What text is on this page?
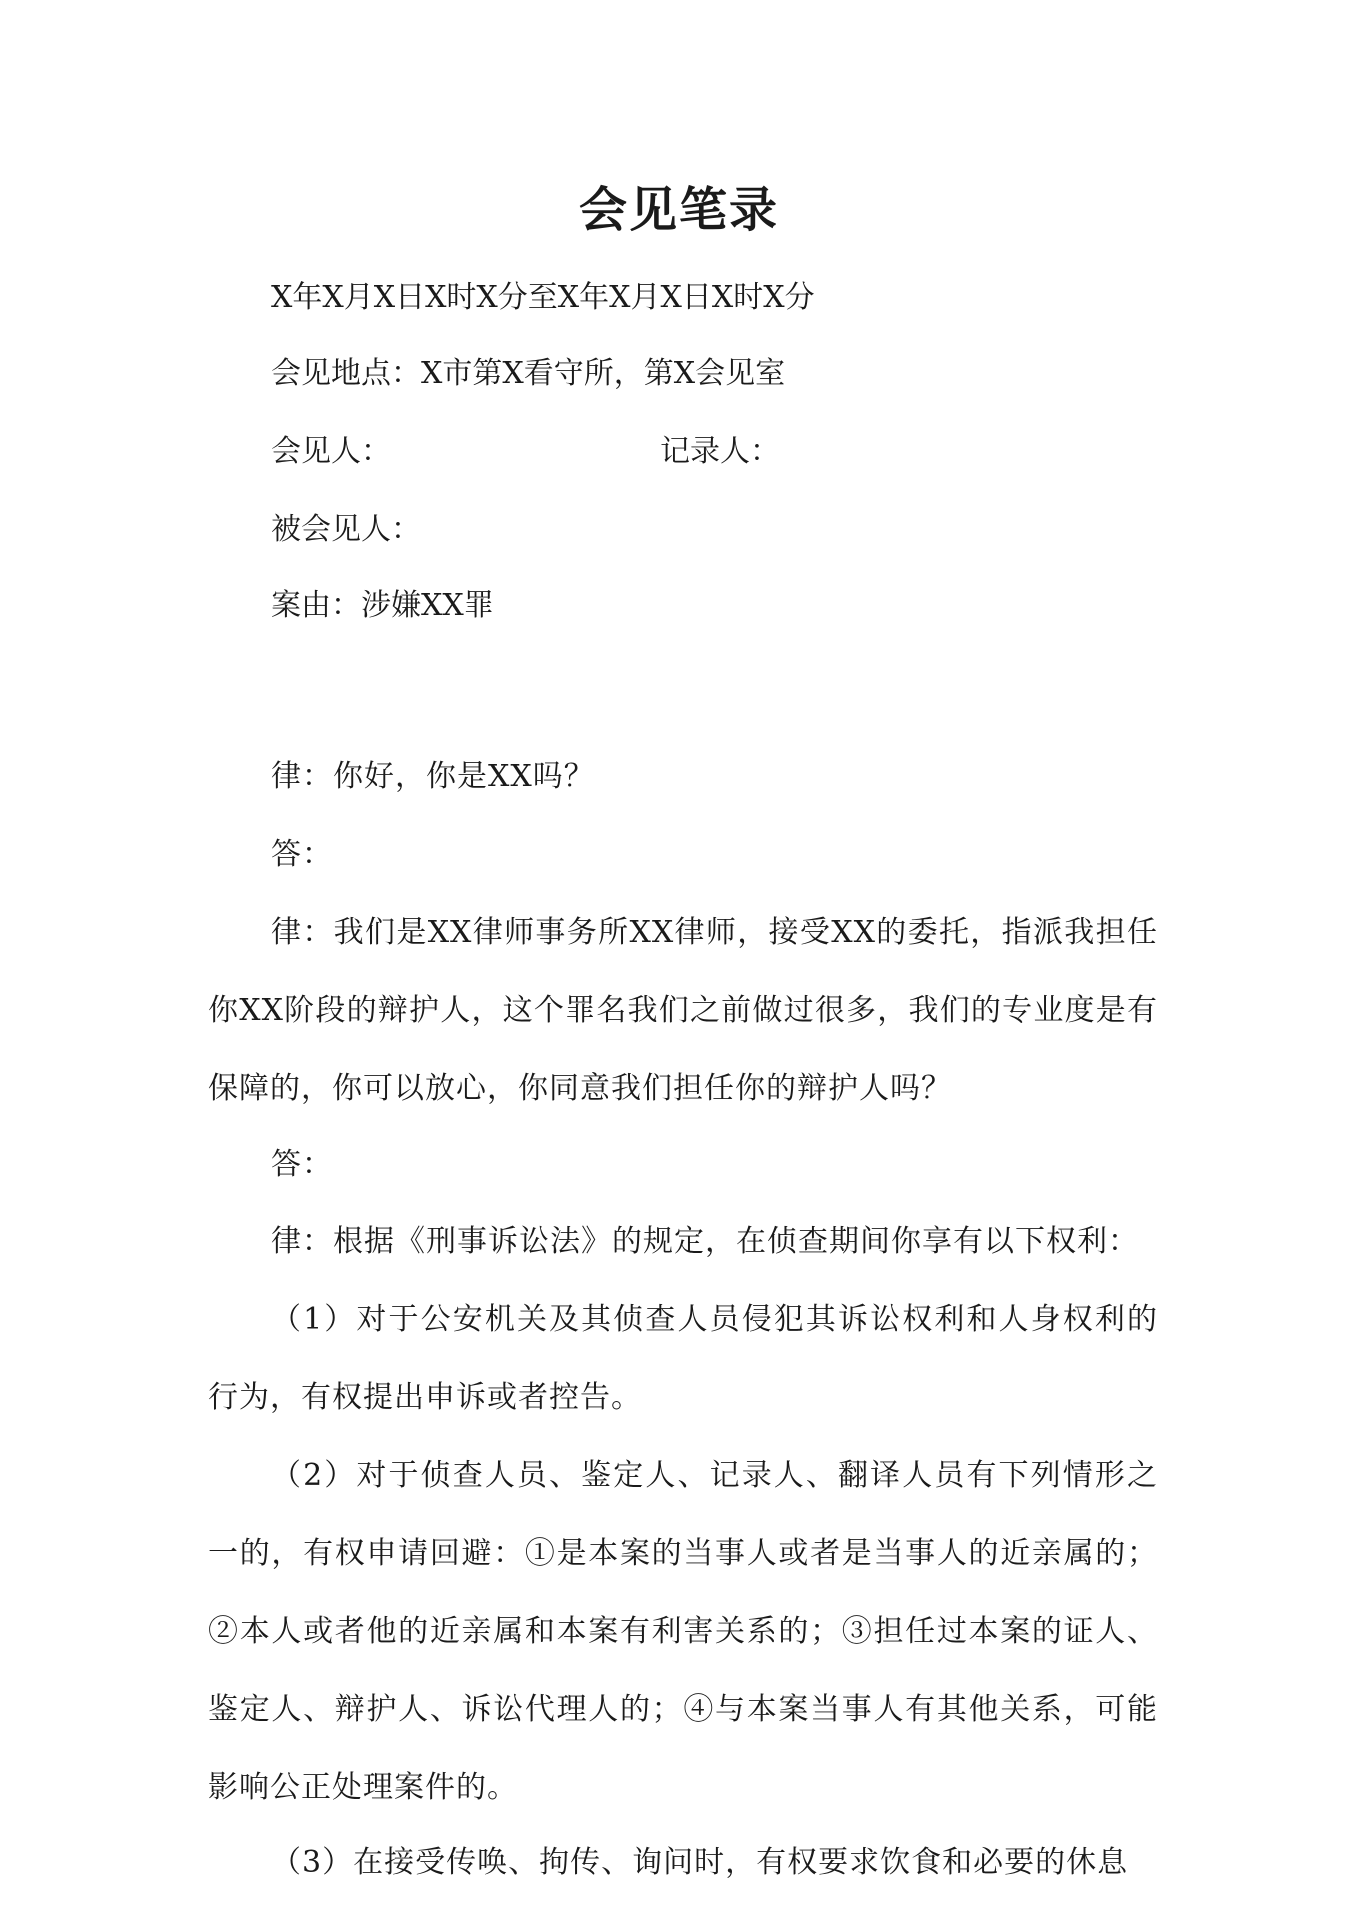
会见笔录
X年X月X日X时X分至X年X月X日X时X分
会见地点：X市第X看守所，第X会见室
会见人：	记录人：
被会见人：
案由：涉嫌XX罪
律：你好，你是XX吗？
答：
律：我们是XX律师事务所XX律师，接受XX的委托，指派我担任你XX阶段的辩护人，这个罪名我们之前做过很多，我们的专业度是有保障的，你可以放心，你同意我们担任你的辩护人吗？
答：
律：根据《刑事诉讼法》的规定，在侦查期间你享有以下权利：
（1）对于公安机关及其侦查人员侵犯其诉讼权利和人身权利的行为，有权提出申诉或者控告。
（2）对于侦查人员、鉴定人、记录人、翻译人员有下列情形之一的，有权申请回避：①是本案的当事人或者是当事人的近亲属的；②本人或者他的近亲属和本案有利害关系的；③担任过本案的证人、鉴定人、辩护人、诉讼代理人的；④与本案当事人有其他关系，可能影响公正处理案件的。
（3）在接受传唤、拘传、询问时，有权要求饮食和必要的休息
